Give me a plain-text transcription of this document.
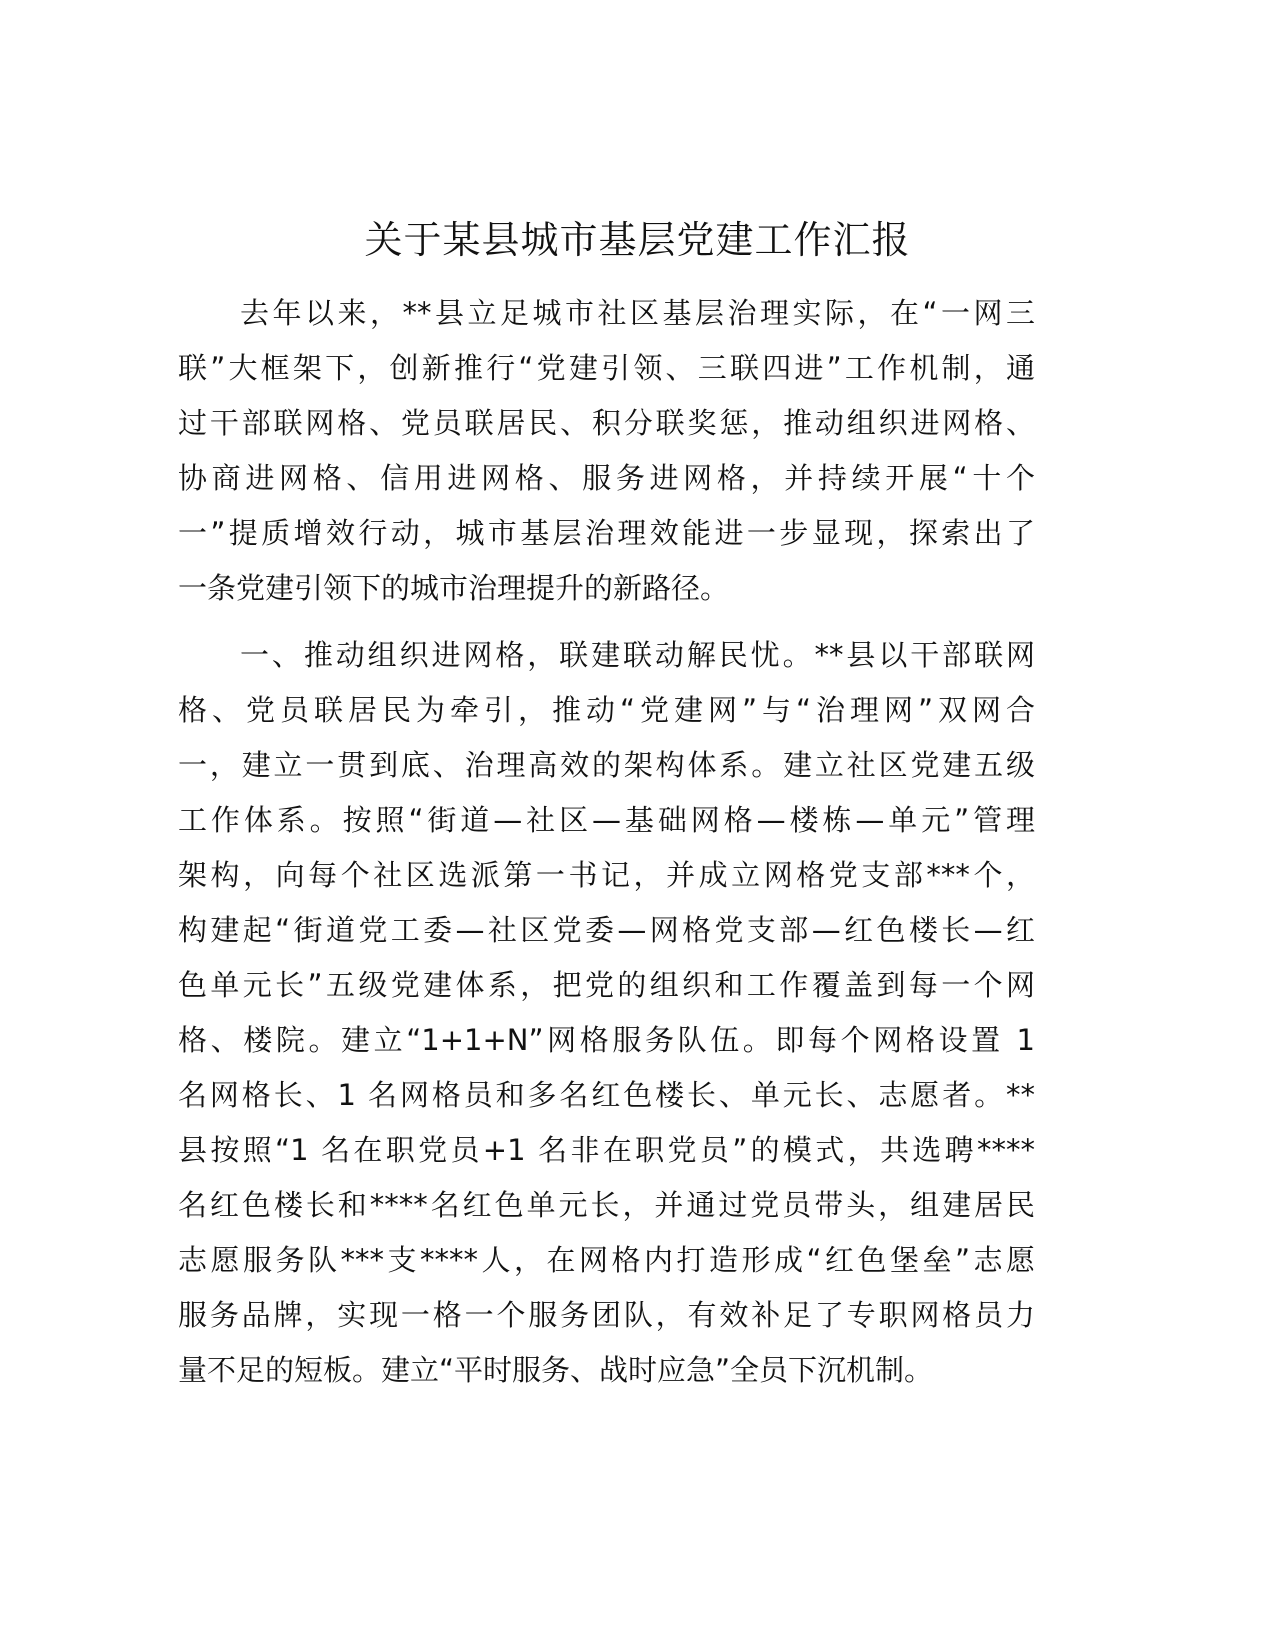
关于某县城市基层党建工作汇报
去年以来，**县立足城市社区基层治理实际，在“一网三
联”大框架下，创新推行“党建引领、三联四进”工作机制，通
过干部联网格、党员联居民、积分联奖惩，推动组织进网格、
协商进网格、信用进网格、服务进网格，并持续开展“十个
一”提质增效行动，城市基层治理效能进一步显现，探索出了
一条党建引领下的城市治理提升的新路径。
一、推动组织进网格，联建联动解民忧。**县以干部联网
格、党员联居民为牵引，推动“党建网”与“治理网”双网合
一，建立一贯到底、治理高效的架构体系。建立社区党建五级
工作体系。按照“街道—社区—基础网格—楼栋—单元”管理
架构，向每个社区选派第一书记，并成立网格党支部***个，
构建起“街道党工委—社区党委—网格党支部—红色楼长—红
色单元长”五级党建体系，把党的组织和工作覆盖到每一个网
格、楼院。建立“1+1+N”网格服务队伍。即每个网格设置 1
名网格长、1 名网格员和多名红色楼长、单元长、志愿者。**
县按照“1 名在职党员+1 名非在职党员”的模式，共选聘****
名红色楼长和****名红色单元长，并通过党员带头，组建居民
志愿服务队***支****人，在网格内打造形成“红色堡垒”志愿
服务品牌，实现一格一个服务团队，有效补足了专职网格员力
量不足的短板。建立“平时服务、战时应急”全员下沉机制。
